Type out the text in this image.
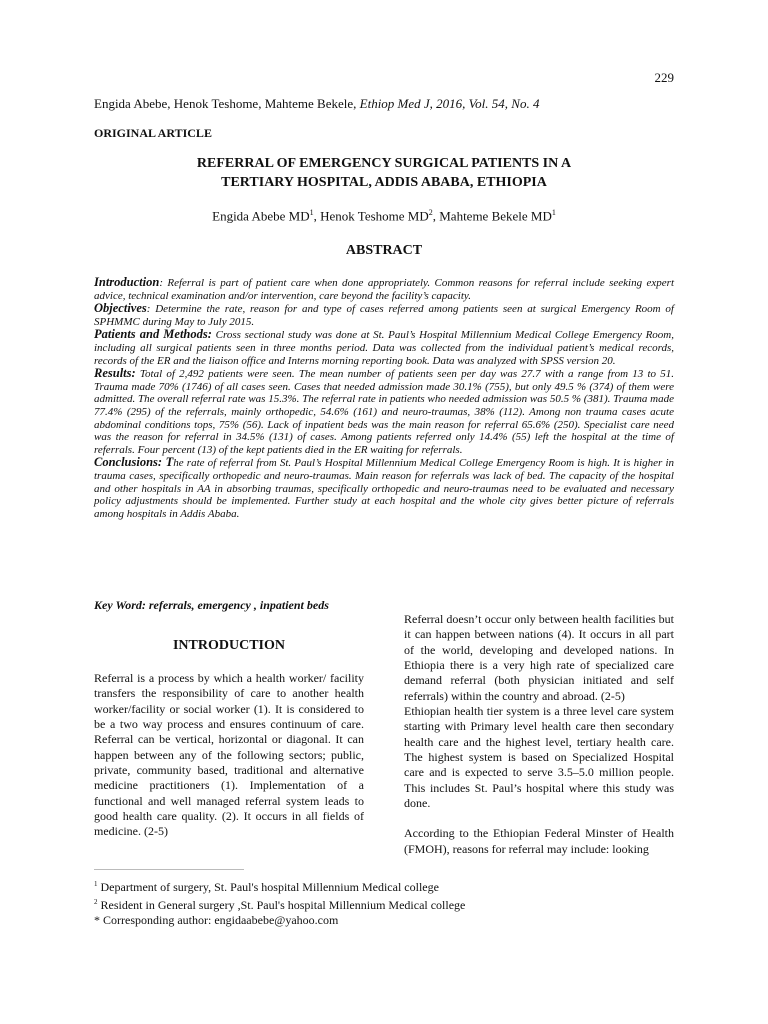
229
Engida Abebe, Henok Teshome, Mahteme Bekele, Ethiop Med J, 2016, Vol. 54, No. 4
ORIGINAL ARTICLE
REFERRAL OF EMERGENCY SURGICAL PATIENTS IN A
TERTIARY HOSPITAL, ADDIS ABABA, ETHIOPIA
Engida Abebe $MD^1$, Henok Teshome $MD^2$, Mahteme Bekele $MD^1$
ABSTRACT

Introduction: Referral is part of patient care when done appropriately. Common reasons for referral include seeking expert advice, technical examination and/or intervention, care beyond the facility’s capacity.

Objectives: Determine the rate, reason for and type of cases referred among patients seen at surgical Emergency Room of SPHMMC during May to July 2015.

Patients and Methods: Cross sectional study was done at St. Paul’s Hospital Millennium Medical College Emergency Room, including all surgical patients seen in three months period. Data was collected from the individual patient’s medical records, records of the ER and the liaison office and Interns morning reporting book. Data was analyzed with SPSS version 20.

Results: Total of 2,492 patients were seen. The mean number of patients seen per day was 27.7 with a range from 13 to 51. Trauma made 70% (1746) of all cases seen. Cases that needed admission made 30.1% (755), but only 49.5 % (374) of them were admitted. The overall referral rate was 15.3%. The referral rate in patients who needed admission was 50.5 % (381). Trauma made 77.4% (295) of the referrals, mainly orthopedic, 54.6% (161) and neuro-traumas, 38% (112). Among non trauma cases acute abdominal conditions tops, 75% (56). Lack of inpatient beds was the main reason for referral 65.6% (250). Specialist care need was the reason for referral in 34.5% (131) of cases. Among patients referred only 14.4% (55) left the hospital at the time of referrals. Four percent (13) of the kept patients died in the ER waiting for referrals.

Conclusions: The rate of referral from St. Paul’s Hospital Millennium Medical College Emergency Room is high. It is higher in trauma cases, specifically orthopedic and neuro-traumas. Main reason for referrals was lack of bed. The capacity of the hospital and other hospitals in AA in absorbing traumas, specifically orthopedic and neuro-traumas need to be evaluated and necessary policy adjustments should be implemented. Further study at each hospital and the whole city gives better picture of referrals among hospitals in Addis Ababa.

Key Word: referrals, emergency , inpatient beds
INTRODUCTION

Referral is a process by which a health worker/ facility transfers the responsibility of care to another health worker/facility or social worker (1). It is considered to be a two way process and ensures continuum of care. Referral can be vertical, horizontal or diagonal. It can happen between any of the following sectors; public, private, community based, traditional and alternative medicine practitioners (1). Implementation of a functional and well managed referral system leads to good health care quality. (2). It occurs in all fields of medicine. (2-5)

Referral doesn’t occur only between health facilities but it can happen between nations (4). It occurs in all part of the world, developing and developed nations. In Ethiopia there is a very high rate of specialized care demand referral (both physician initiated and self referrals) within the country and abroad. (2-5)

Ethiopian health tier system is a three level care system starting with Primary level health care then secondary health care and the highest level, tertiary health care. The highest system is based on Specialized Hospital care and is expected to serve 3.5–5.0 million people. This includes St. Paul’s hospital where this study was done.

According to the Ethiopian Federal Minster of Health (FMOH), reasons for referral may include: looking

$^1$ Department of surgery, St. Paul's hospital Millennium Medical college
$^2$ Resident in General surgery ,St. Paul's hospital Millennium Medical college
* Corresponding author: engidaabebe@yahoo.com
